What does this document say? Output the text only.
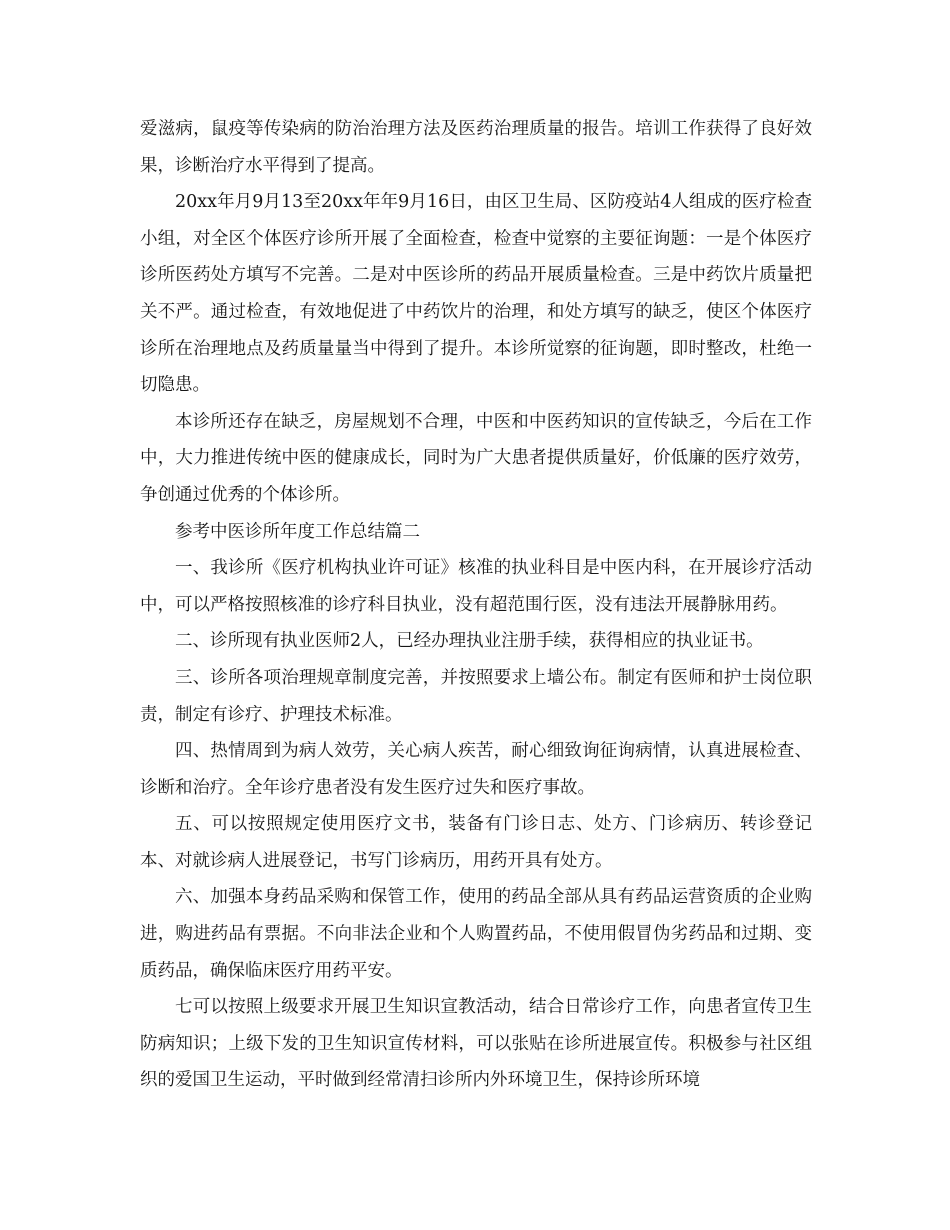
爱滋病，鼠疫等传染病的防治治理方法及医药治理质量的报告。培训工作获得了良好效果，诊断治疗水平得到了提高。

20xx年月9月13至20xx年年9月16日，由区卫生局、区防疫站4人组成的医疗检查小组，对全区个体医疗诊所开展了全面检查，检查中觉察的主要征询题：一是个体医疗诊所医药处方填写不完善。二是对中医诊所的药品开展质量检查。三是中药饮片质量把关不严。通过检查，有效地促进了中药饮片的治理，和处方填写的缺乏，使区个体医疗诊所在治理地点及药质量量当中得到了提升。本诊所觉察的征询题，即时整改，杜绝一切隐患。

本诊所还存在缺乏，房屋规划不合理，中医和中医药知识的宣传缺乏，今后在工作中，大力推进传统中医的健康成长，同时为广大患者提供质量好，价低廉的医疗效劳，争创通过优秀的个体诊所。

参考中医诊所年度工作总结篇二

一、我诊所《医疗机构执业许可证》核准的执业科目是中医内科，在开展诊疗活动中，可以严格按照核准的诊疗科目执业，没有超范围行医，没有违法开展静脉用药。

二、诊所现有执业医师2人，已经办理执业注册手续，获得相应的执业证书。

三、诊所各项治理规章制度完善，并按照要求上墙公布。制定有医师和护士岗位职责，制定有诊疗、护理技术标准。

四、热情周到为病人效劳，关心病人疾苦，耐心细致询征询病情，认真进展检查、诊断和治疗。全年诊疗患者没有发生医疗过失和医疗事故。

五、可以按照规定使用医疗文书，装备有门诊日志、处方、门诊病历、转诊登记本、对就诊病人进展登记，书写门诊病历，用药开具有处方。

六、加强本身药品采购和保管工作，使用的药品全部从具有药品运营资质的企业购进，购进药品有票据。不向非法企业和个人购置药品，不使用假冒伪劣药品和过期、变质药品，确保临床医疗用药平安。

七可以按照上级要求开展卫生知识宣教活动，结合日常诊疗工作，向患者宣传卫生防病知识；上级下发的卫生知识宣传材料，可以张贴在诊所进展宣传。积极参与社区组织的爱国卫生运动，平时做到经常清扫诊所内外环境卫生，保持诊所环境
